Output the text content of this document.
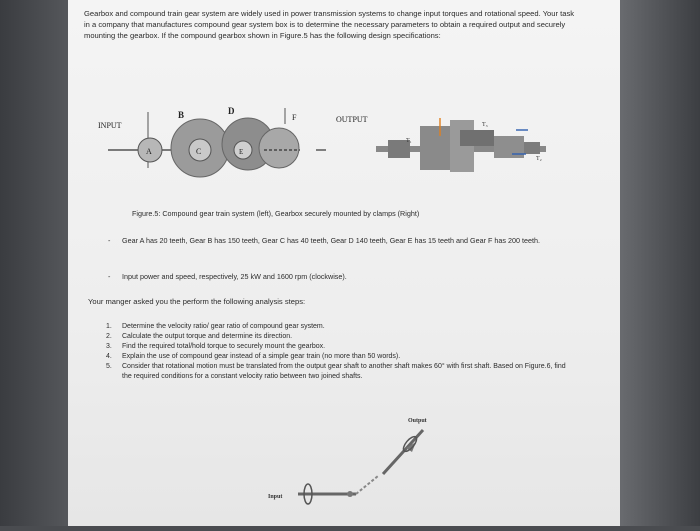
Gearbox and compound train gear system are widely used in power transmission systems to change input torques and rotational speed. Your task in a company that manufactures compound gear system box is to determine the necessary parameters to obtain a required output and securely mounting the gearbox. If the compound gearbox shown in Figure.5 has the following design specifications:
INPUT
OUTPUT
A
B
C
D
E
F
T₁
T₂
T₃
Figure.5: Compound gear train system (left), Gearbox securely mounted by clamps (Right)
- Gear A has 20 teeth, Gear B has 150 teeth, Gear C has 40 teeth, Gear D 140 teeth, Gear E has 15 teeth and Gear F has 200 teeth.
- Input power and speed, respectively, 25 kW and 1600 rpm (clockwise).
Your manger asked you the perform the following analysis steps:
1. Determine the velocity ratio/ gear ratio of compound gear system.
2. Calculate the output torque and determine its direction.
3. Find the required total/hold torque to securely mount the gearbox.
4. Explain the use of compound gear instead of a simple gear train (no more than 50 words).
5. Consider that rotational motion must be translated from the output gear shaft to another shaft makes 60° with first shaft. Based on Figure.6, find the required conditions for a constant velocity ratio between two joined shafts.
Output
Input
